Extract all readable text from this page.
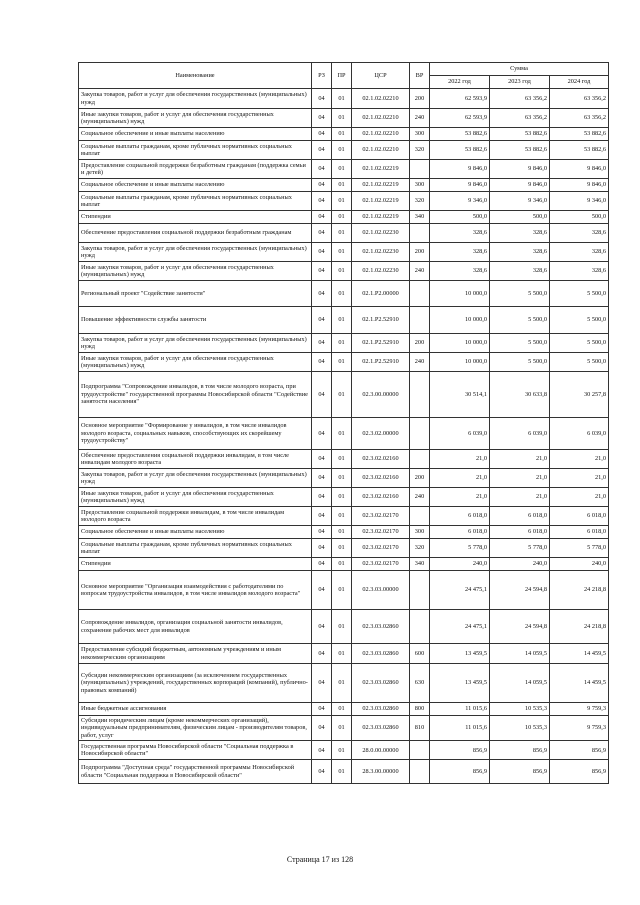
Наименование	РЗ	ПР	ЦСР	ВР	Сумма		
					2022 год	2023 год	2024 год
Закупка товаров, работ и услуг для обеспечения государственных (муниципальных) нужд	04	01	02.1.02.02210	200	62 593,9	63 356,2	63 356,2
Иные закупки товаров, работ и услуг для обеспечения государственных (муниципальных) нужд	04	01	02.1.02.02210	240	62 593,9	63 356,2	63 356,2
Социальное обеспечение и иные выплаты населению	04	01	02.1.02.02210	300	53 882,6	53 882,6	53 882,6
Социальные выплаты гражданам, кроме публичных нормативных социальных выплат	04	01	02.1.02.02210	320	53 882,6	53 882,6	53 882,6
Предоставление социальной поддержки безработным гражданам (поддержка семьи и детей)	04	01	02.1.02.02219		9 846,0	9 846,0	9 846,0
Социальное обеспечение и иные выплаты населению	04	01	02.1.02.02219	300	9 846,0	9 846,0	9 846,0
Социальные выплаты гражданам, кроме публичных нормативных социальных выплат	04	01	02.1.02.02219	320	9 346,0	9 346,0	9 346,0
Стипендии	04	01	02.1.02.02219	340	500,0	500,0	500,0
Обеспечение предоставления социальной поддержки безработным гражданам	04	01	02.1.02.02230		328,6	328,6	328,6
Закупка товаров, работ и услуг для обеспечения государственных (муниципальных) нужд	04	01	02.1.02.02230	200	328,6	328,6	328,6
Иные закупки товаров, работ и услуг для обеспечения государственных (муниципальных) нужд	04	01	02.1.02.02230	240	328,6	328,6	328,6
Региональный проект "Содействие занятости"	04	01	02.1.P2.00000		10 000,0	5 500,0	5 500,0
Повышение эффективности службы занятости	04	01	02.1.P2.52910		10 000,0	5 500,0	5 500,0
Закупка товаров, работ и услуг для обеспечения государственных (муниципальных) нужд	04	01	02.1.P2.52910	200	10 000,0	5 500,0	5 500,0
Иные закупки товаров, работ и услуг для обеспечения государственных (муниципальных) нужд	04	01	02.1.P2.52910	240	10 000,0	5 500,0	5 500,0
Подпрограмма "Сопровождение инвалидов, в том числе молодого возраста, при трудоустройстве" государственной программы Новосибирской области "Содействие занятости населения"	04	01	02.3.00.00000		30 514,1	30 633,8	30 257,8
Основное мероприятие "Формирование у инвалидов, в том числе инвалидов молодого возраста, социальных навыков, способствующих их скорейшему трудоустройству"	04	01	02.3.02.00000		6 039,0	6 039,0	6 039,0
Обеспечение предоставления социальной поддержки инвалидам, в том числе инвалидам молодого возраста	04	01	02.3.02.02160		21,0	21,0	21,0
Закупка товаров, работ и услуг для обеспечения государственных (муниципальных) нужд	04	01	02.3.02.02160	200	21,0	21,0	21,0
Иные закупки товаров, работ и услуг для обеспечения государственных (муниципальных) нужд	04	01	02.3.02.02160	240	21,0	21,0	21,0
Предоставление социальной поддержки инвалидам, в том числе инвалидам молодого возраста	04	01	02.3.02.02170		6 018,0	6 018,0	6 018,0
Социальное обеспечение и иные выплаты населению	04	01	02.3.02.02170	300	6 018,0	6 018,0	6 018,0
Социальные выплаты гражданам, кроме публичных нормативных социальных выплат	04	01	02.3.02.02170	320	5 778,0	5 778,0	5 778,0
Стипендии	04	01	02.3.02.02170	340	240,0	240,0	240,0
Основное мероприятие "Организация взаимодействия с работодателями по вопросам трудоустройства инвалидов, в том числе инвалидов молодого возраста"	04	01	02.3.03.00000		24 475,1	24 594,8	24 218,8
Сопровождение инвалидов, организация социальной занятости инвалидов, сохранение рабочих мест для инвалидов	04	01	02.3.03.02860		24 475,1	24 594,8	24 218,8
Предоставление субсидий бюджетным, автономным учреждениям и иным некоммерческим организациям	04	01	02.3.03.02860	600	13 459,5	14 059,5	14 459,5
Субсидии некоммерческим организациям (за исключением государственных (муниципальных) учреждений, государственных корпораций (компаний), публично-правовых компаний)	04	01	02.3.03.02860	630	13 459,5	14 059,5	14 459,5
Иные бюджетные ассигнования	04	01	02.3.03.02860	800	11 015,6	10 535,3	9 759,3
Субсидии юридическим лицам (кроме некоммерческих организаций), индивидуальным предпринимателям, физическим лицам - производителям товаров, работ, услуг	04	01	02.3.03.02860	810	11 015,6	10 535,3	9 759,3
Государственная программа Новосибирской области "Социальная поддержка в Новосибирской области"	04	01	28.0.00.00000		856,9	856,9	856,9
Подпрограмма "Доступная среда" государственной программы Новосибирской области "Социальная поддержка в Новосибирской области"	04	01	28.3.00.00000		856,9	856,9	856,9
Страница 17 из 128
